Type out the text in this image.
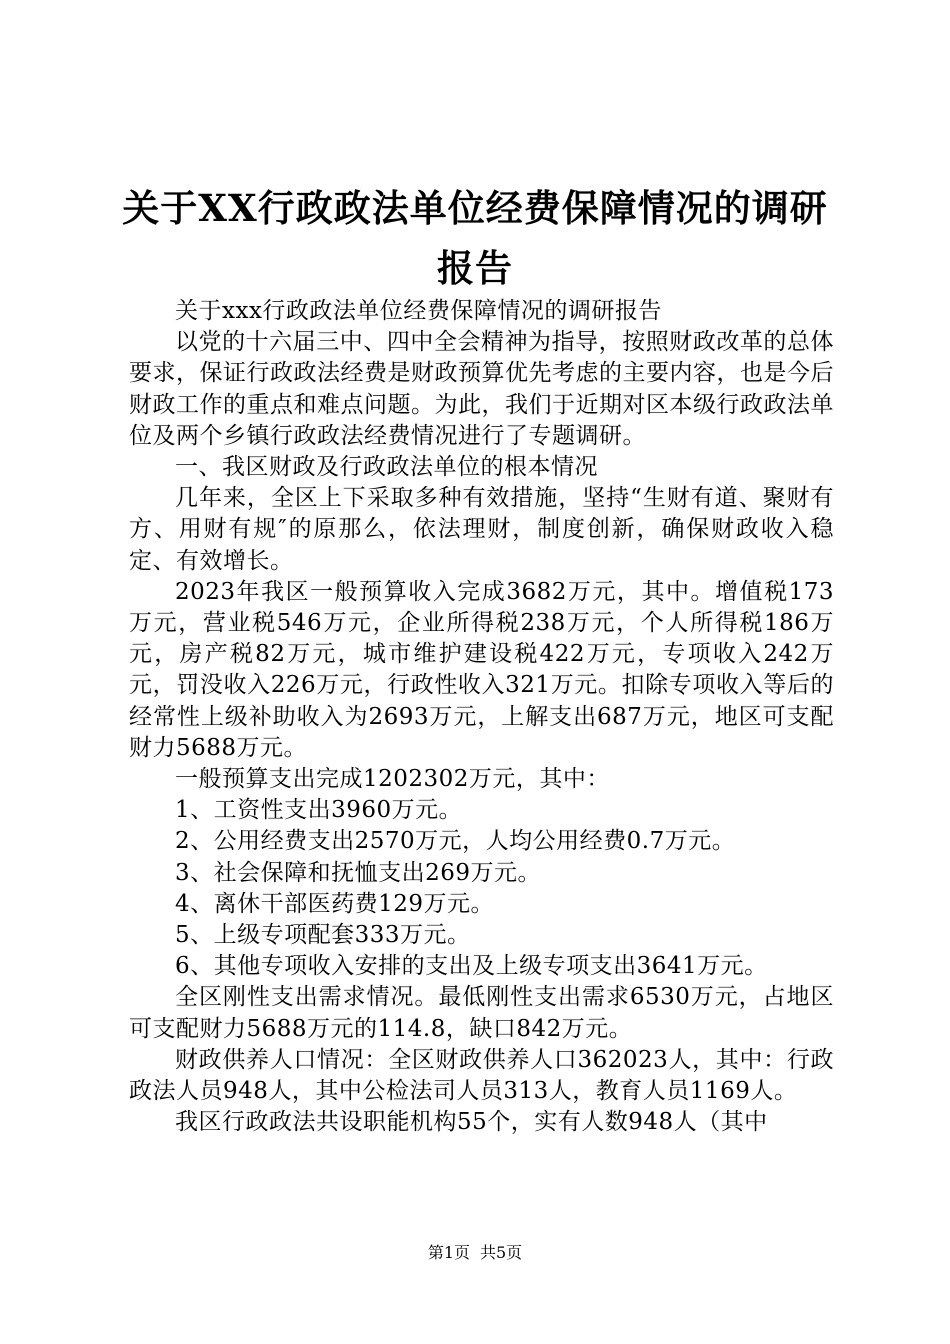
关于XX行政政法单位经费保障情况的调研报告

关于xxx行政政法单位经费保障情况的调研报告

以党的十六届三中、四中全会精神为指导，按照财政改革的总体要求，保证行政政法经费是财政预算优先考虑的主要内容，也是今后财政工作的重点和难点问题。为此，我们于近期对区本级行政政法单位及两个乡镇行政政法经费情况进行了专题调研。

一、我区财政及行政政法单位的根本情况

几年来，全区上下采取多种有效措施，坚持“生财有道、聚财有方、用财有规″的原那么，依法理财，制度创新，确保财政收入稳定、有效增长。

2023年我区一般预算收入完成3682万元，其中。增值税173万元，营业税546万元，企业所得税238万元，个人所得税186万元，房产税82万元，城市维护建设税422万元，专项收入242万元，罚没收入226万元，行政性收入321万元。扣除专项收入等后的经常性上级补助收入为2693万元，上解支出687万元，地区可支配财力5688万元。

一般预算支出完成1202302万元，其中：

1、工资性支出3960万元。

2、公用经费支出2570万元，人均公用经费0.7万元。

3、社会保障和抚恤支出269万元。

4、离休干部医药费129万元。

5、上级专项配套333万元。

6、其他专项收入安排的支出及上级专项支出3641万元。

全区刚性支出需求情况。最低刚性支出需求6530万元，占地区可支配财力5688万元的114.8，缺口842万元。

财政供养人口情况：全区财政供养人口362023人，其中：行政政法人员948人，其中公检法司人员313人，教育人员1169人。

我区行政政法共设职能机构55个，实有人数948人（其中

第1页 共5页
